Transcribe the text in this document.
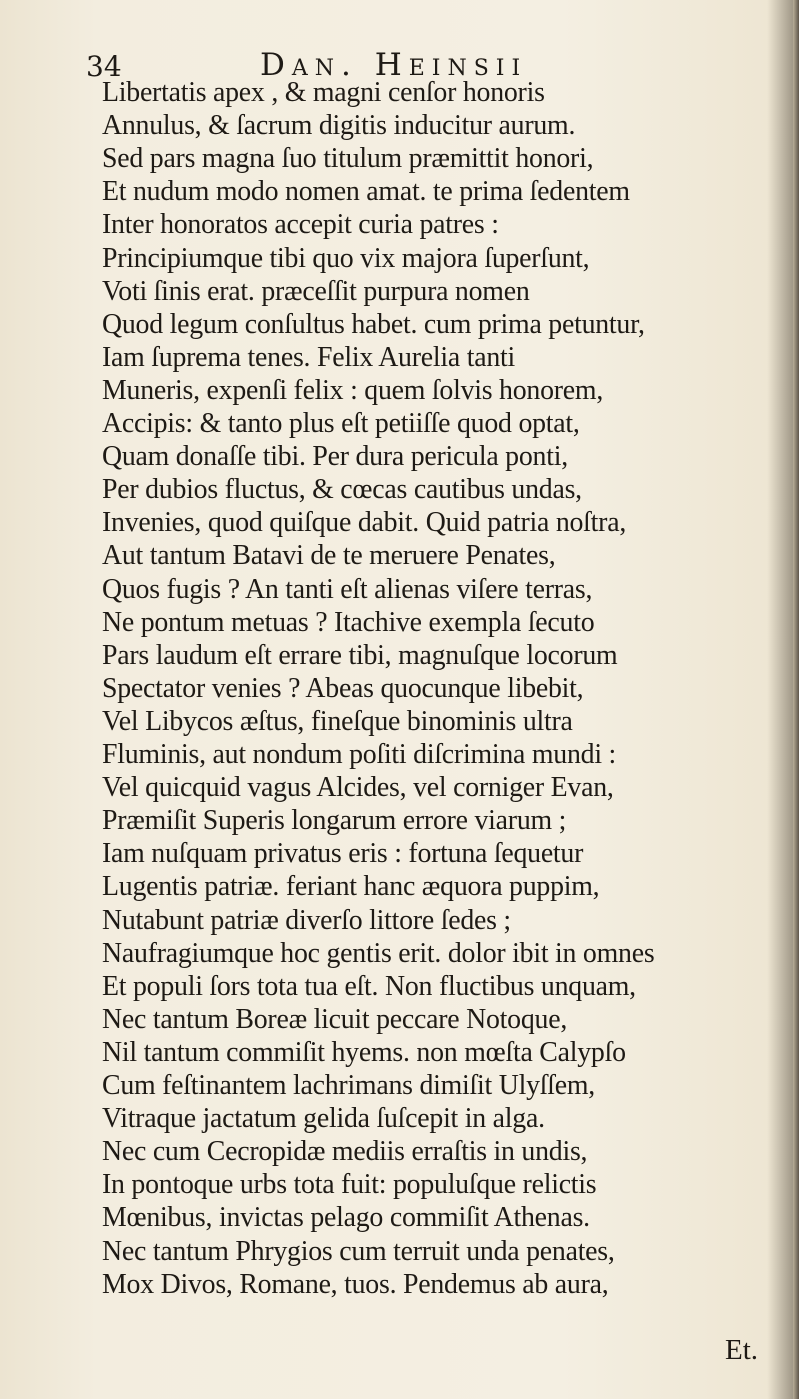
34	Dan. Heinsii
Libertatis apex , & magni cenſor honoris
Annulus, & ſacrum digitis inducitur aurum.
Sed pars magna ſuo titulum præmittit honori,
Et nudum modo nomen amat. te prima ſedentem
Inter honoratos accepit curia patres :
Principiumque tibi quo vix majora ſuperſunt,
Voti ſinis erat. præceſſit purpura nomen
Quod legum conſultus habet. cum prima petuntur,
Iam ſuprema tenes. Felix Aurelia tanti
Muneris, expenſi felix : quem ſolvis honorem,
Accipis: & tanto plus eſt petiiſſe quod optat,
Quam donaſſe tibi. Per dura pericula ponti,
Per dubios fluctus, & cœcas cautibus undas,
Invenies, quod quiſque dabit. Quid patria noſtra,
Aut tantum Batavi de te meruere Penates,
Quos fugis ? An tanti eſt alienas viſere terras,
Ne pontum metuas ? Itachive exempla ſecuto
Pars laudum eſt errare tibi, magnuſque locorum
Spectator venies ? Abeas quocunque libebit,
Vel Libycos æſtus, fineſque binominis ultra
Fluminis, aut nondum poſiti diſcrimina mundi :
Vel quicquid vagus Alcides, vel corniger Evan,
Præmiſit Superis longarum errore viarum ;
Iam nuſquam privatus eris : fortuna ſequetur
Lugentis patriæ. feriant hanc æquora puppim,
Nutabunt patriæ diverſo littore ſedes ;
Naufragiumque hoc gentis erit. dolor ibit in omnes
Et populi ſors tota tua eſt. Non fluctibus unquam,
Nec tantum Boreæ licuit peccare Notoque,
Nil tantum commiſit hyems. non mœſta Calypſo
Cum feſtinantem lachrimans dimiſit Ulyſſem,
Vitraque jactatum gelida ſuſcepit in alga.
Nec cum Cecropidæ mediis erraſtis in undis,
In pontoque urbs tota fuit: populuſque relictis
Mœnibus, invictas pelago commiſit Athenas.
Nec tantum Phrygios cum terruit unda penates,
Mox Divos, Romane, tuos. Pendemus ab aura,
Et.
